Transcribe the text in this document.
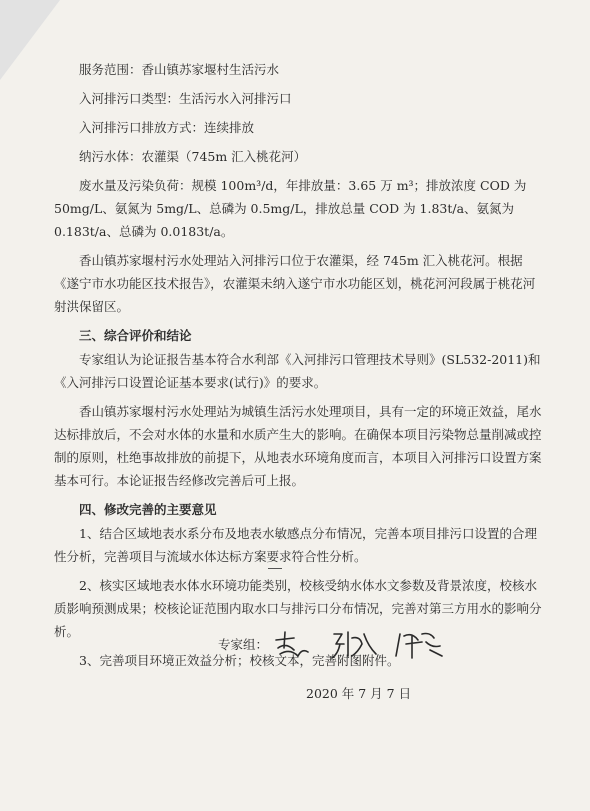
服务范围：香山镇苏家堰村生活污水

入河排污口类型：生活污水入河排污口

入河排污口排放方式：连续排放

纳污水体：农灌渠（745m 汇入桃花河）

废水量及污染负荷：规模 100m³/d，年排放量：3.65 万 m³；排放浓度 COD 为 50mg/L、氨氮为 5mg/L、总磷为 0.5mg/L，排放总量 COD 为 1.83t/a、氨氮为 0.183t/a、总磷为 0.0183t/a。

香山镇苏家堰村污水处理站入河排污口位于农灌渠，经 745m 汇入桃花河。根据《遂宁市水功能区技术报告》，农灌渠未纳入遂宁市水功能区划，桃花河河段属于桃花河射洪保留区。

三、综合评价和结论

专家组认为论证报告基本符合水利部《入河排污口管理技术导则》(SL532-2011)和《入河排污口设置论证基本要求(试行)》的要求。

香山镇苏家堰村污水处理站为城镇生活污水处理项目，具有一定的环境正效益，尾水达标排放后，不会对水体的水量和水质产生大的影响。在确保本项目污染物总量削减或控制的原则，杜绝事故排放的前提下，从地表水环境角度而言，本项目入河排污口设置方案基本可行。本论证报告经修改完善后可上报。

四、修改完善的主要意见

1、结合区域地表水系分布及地表水敏感点分布情况，完善本项目排污口设置的合理性分析，完善项目与流域水体达标方案要求符合性分析。

2、核实区域地表水体水环境功能类别，校核受纳水体水文参数及背景浓度，校核水质影响预测成果；校核论证范围内取水口与排污口分布情况，完善对第三方用水的影响分析。

3、完善项目环境正效益分析；校核文本，完善附图附件。

专家组：
2020 年 7 月 7 日
